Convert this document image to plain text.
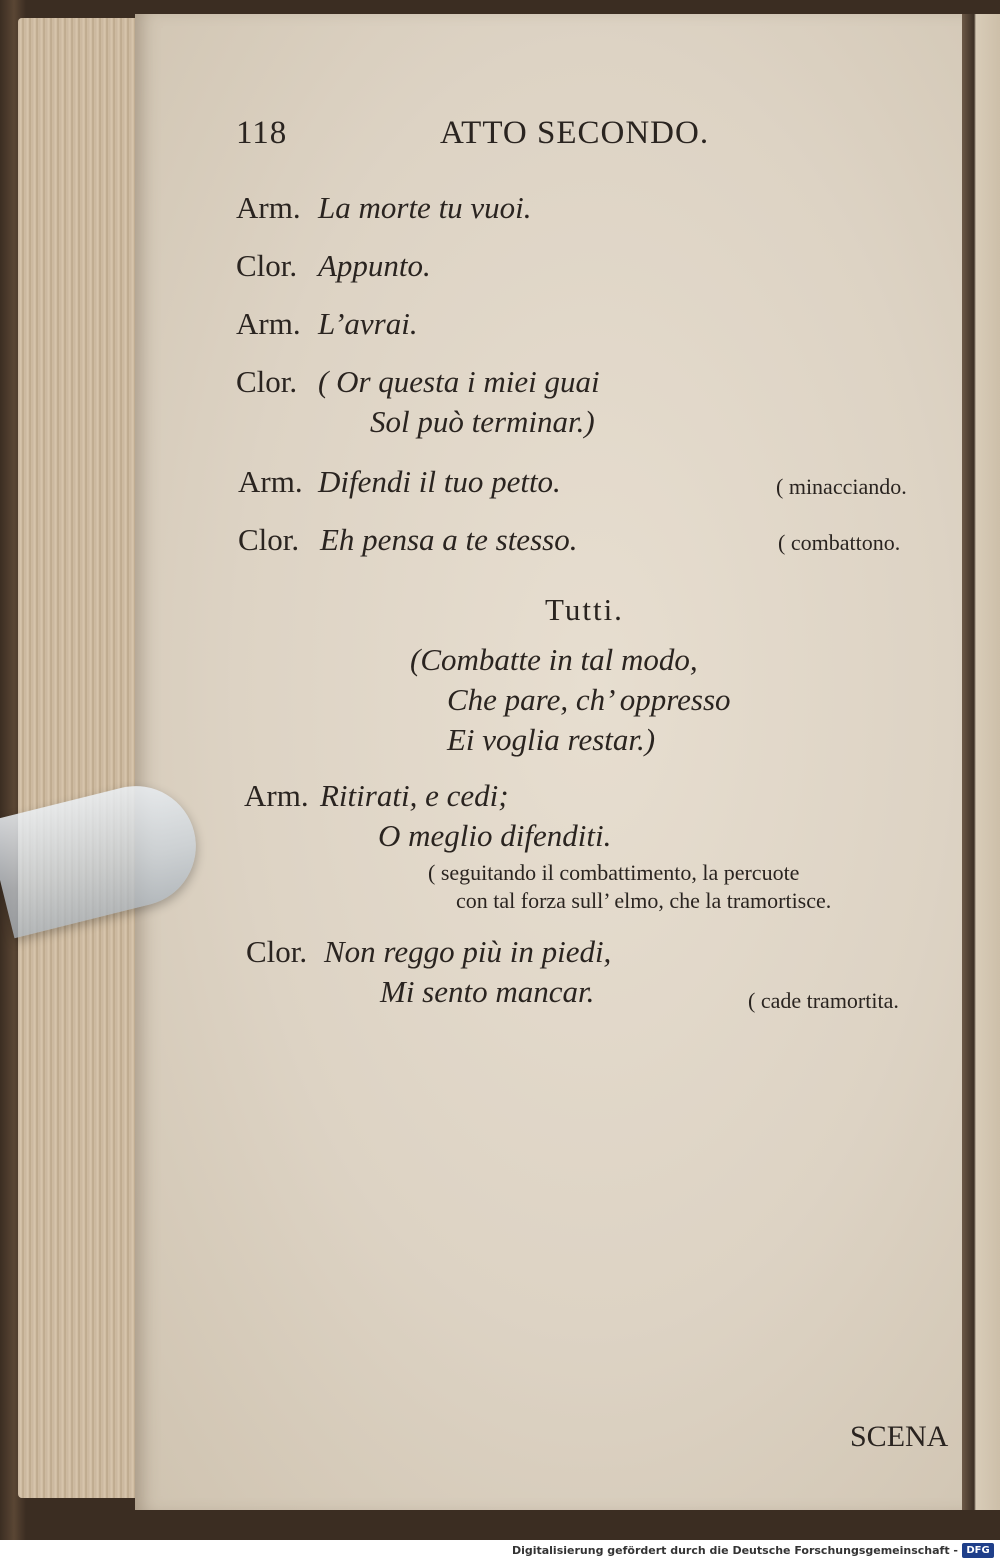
118	ATTO SECONDO.
Arm. La morte tu vuoi.
Clor. Appunto.
Arm. L’avrai.
Clor. ( Or questa i miei guai
Sol può terminar.)
Arm. Difendi il tuo petto.	( minacciando.
Clor. Eh pensa a te stesso.	( combattono.
Tutti.
(Combatte in tal modo,
Che pare, ch’ oppresso
Ei voglia restar.)
Arm. Ritirati, e cedi;
O meglio difenditi.
( seguitando il combattimento, la percuote
con tal forza sull’ elmo, che la tramortisce.
Clor. Non reggo più in piedi,
Mi sento mancar.	( cade tramortita.
SCENA
Digitalisierung gefördert durch die Deutsche Forschungsgemeinschaft - DFG
